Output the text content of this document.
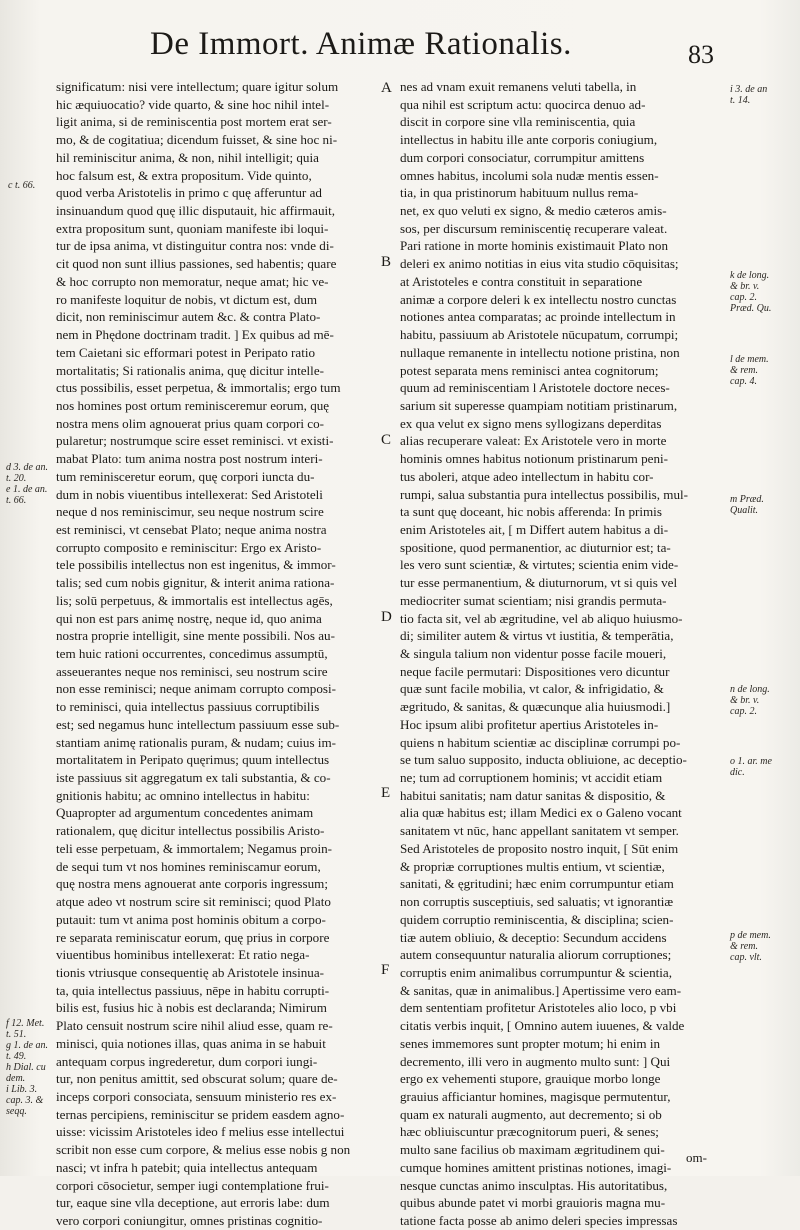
De Immort. Animæ Rationalis.	83
significatum: nisi vere intellectum; quare igitur solum
hic æquiuocatio? vide quarto, & sine hoc nihil intel-
ligit anima, si de reminiscentia post mortem erat ser-
mo, & de cogitatiua; dicendum fuisset, & sine hoc ni-
hil reminiscitur anima, & non, nihil intelligit; quia
hoc falsum est, & extra propositum. Vide quinto,
quod verba Aristotelis in primo c quę afferuntur ad
insinuandum quod quę illic disputauit, hic affirmauit,
extra propositum sunt, quoniam manifeste ibi loqui-
tur de ipsa anima, vt distinguitur contra nos: vnde di-
cit quod non sunt illius passiones, sed habentis; quare
& hoc corrupto non memoratur, neque amat; hic ve-
ro manifeste loquitur de nobis, vt dictum est, dum
dicit, non reminiscimur autem &c. & contra Plato-
nem in Phędone doctrinam tradit. ] Ex quibus ad mē-
tem Caietani sic efformari potest in Peripato ratio
mortalitatis; Si rationalis anima, quę dicitur intelle-
ctus possibilis, esset perpetua, & immortalis; ergo tum
nos homines post ortum reminisceremur eorum, quę
nostra mens olim agnouerat prius quam corpori co-
pularetur; nostrumque scire esset reminisci. vt existi-
mabat Plato: tum anima nostra post nostrum interi-
tum reminisceretur eorum, quę corpori iuncta du-
dum in nobis viuentibus intellexerat: Sed Aristoteli
neque d nos reminiscimur, seu neque nostrum scire
est reminisci, vt censebat Plato; neque anima nostra
corrupto composito e reminiscitur: Ergo ex Aristo-
tele possibilis intellectus non est ingenitus, & immor-
talis; sed cum nobis gignitur, & interit anima rationa-
lis; solū perpetuus, & immortalis est intellectus agēs,
qui non est pars animę nostrę, neque id, quo anima
nostra proprie intelligit, sine mente possibili. Nos au-
tem huic rationi occurrentes, concedimus assumptū,
asseuerantes neque nos reminisci, seu nostrum scire
non esse reminisci; neque animam corrupto composi-
to reminisci, quia intellectus passiuus corruptibilis
est; sed negamus hunc intellectum passiuum esse sub-
stantiam animę rationalis puram, & nudam; cuius im-
mortalitatem in Peripato quęrimus; quum intellectus
iste passiuus sit aggregatum ex tali substantia, & co-
gnitionis habitu; ac omnino intellectus in habitu:
Quapropter ad argumentum concedentes animam
rationalem, quę dicitur intellectus possibilis Aristo-
teli esse perpetuam, & immortalem; Negamus proin-
de sequi tum vt nos homines reminiscamur eorum,
quę nostra mens agnouerat ante corporis ingressum;
atque adeo vt nostrum scire sit reminisci; quod Plato
putauit: tum vt anima post hominis obitum a corpo-
re separata reminiscatur eorum, quę prius in corpore
viuentibus hominibus intellexerat: Et ratio nega-
tionis vtriusque consequentię ab Aristotele insinua-
ta, quia intellectus passiuus, nēpe in habitu corrupti-
bilis est, fusius hic à nobis est declaranda; Nimirum
Plato censuit nostrum scire nihil aliud esse, quam re-
minisci, quia notiones illas, quas anima in se habuit
antequam corpus ingrederetur, dum corpori iungi-
tur, non penitus amittit, sed obscurat solum; quare de-
inceps corpori consociata, sensuum ministerio res ex-
ternas percipiens, reminiscitur se pridem easdem agno-
uisse: vicissim Aristoteles ideo f melius esse intellectui
scribit non esse cum corpore, & melius esse nobis g non
nasci; vt infra h patebit; quia intellectus antequam
corpori cōsocietur, semper iugi contemplatione frui-
tur, eaque sine vlla deceptione, aut erroris labe: dum
vero corpori coniungitur, omnes pristinas cognitio-
nes ad vnam exuit remanens veluti tabella, in
qua nihil est scriptum actu: quocirca denuo ad-
discit in corpore sine vlla reminiscentia, quia
intellectus in habitu ille ante corporis coniugium,
dum corpori consociatur, corrumpitur amittens
omnes habitus, incolumi sola nudæ mentis essen-
tia, in qua pristinorum habituum nullus rema-
net, ex quo veluti ex signo, & medio cæteros amis-
sos, per discursum reminiscentię recuperare valeat.
Pari ratione in morte hominis existimauit Plato non
deleri ex animo notitias in eius vita studio cōquisitas;
at Aristoteles e contra constituit in separatione
animæ a corpore deleri k ex intellectu nostro cunctas
notiones antea comparatas; ac proinde intellectum in
habitu, passiuum ab Aristotele nūcupatum, corrumpi;
nullaque remanente in intellectu notione pristina, non
potest separata mens reminisci antea cognitorum;
quum ad reminiscentiam l Aristotele doctore neces-
sarium sit superesse quampiam notitiam pristinarum,
ex qua velut ex signo mens syllogizans deperditas
alias recuperare valeat: Ex Aristotele vero in morte
hominis omnes habitus notionum pristinarum peni-
tus aboleri, atque adeo intellectum in habitu cor-
rumpi, salua substantia pura intellectus possibilis, mul-
ta sunt quę doceant, hic nobis afferenda: In primis
enim Aristoteles ait, [ m Differt autem habitus a di-
spositione, quod permanentior, ac diuturnior est; ta-
les vero sunt scientiæ, & virtutes; scientia enim vide-
tur esse permanentium, & diuturnorum, vt si quis vel
mediocriter sumat scientiam; nisi grandis permuta-
tio facta sit, vel ab ægritudine, vel ab aliquo huiusmo-
di; similiter autem & virtus vt iustitia, & temperātia,
& singula talium non videntur posse facile moueri,
neque facile permutari: Dispositiones vero dicuntur
quæ sunt facile mobilia, vt calor, & infrigidatio, &
ægritudo, & sanitas, & quæcunque alia huiusmodi.]
Hoc ipsum alibi profitetur apertius Aristoteles in-
quiens n habitum scientiæ ac disciplinæ corrumpi po-
se tum saluo supposito, inducta obliuione, ac deceptio-
ne; tum ad corruptionem hominis; vt accidit etiam
habitui sanitatis; nam datur sanitas & dispositio, &
alia quæ habitus est; illam Medici ex o Galeno vocant
sanitatem vt nūc, hanc appellant sanitatem vt semper.
Sed Aristoteles de proposito nostro inquit, [ Sūt enim
& propriæ corruptiones multis entium, vt scientiæ,
sanitati, & ęgritudini; hæc enim corrumpuntur etiam
non corruptis susceptiuis, sed saluatis; vt ignorantiæ
quidem corruptio reminiscentia, & disciplina; scien-
tiæ autem obliuio, & deceptio: Secundum accidens
autem consequuntur naturalia aliorum corruptiones;
corruptis enim animalibus corrumpuntur & scientia,
& sanitas, quæ in animalibus.] Apertissime vero eam-
dem sententiam profitetur Aristoteles alio loco, p vbi
citatis verbis inquit, [ Omnino autem iuuenes, & valde
senes immemores sunt propter motum; hi enim in
decremento, illi vero in augmento multo sunt: ] Qui
ergo ex vehementi stupore, grauique morbo longe
grauius afficiantur homines, magisque permutentur,
quam ex naturali augmento, aut decremento; si ob
hæc obliuiscuntur præcognitorum pueri, & senes;
multo sane facilius ob maximam ægritudinem qui-
cumque homines amittent pristinas notiones, imagi-
nesque cunctas animo insculptas. His autoritatibus,
quibus abunde patet vi morbi grauioris magna mu-
tatione facta posse ab animo deleri species impressas
A
B
C
D
E
F
c t. 66.
d 3. de an.
t. 20.
e 1. de an.
t. 66.
f 12. Met.
t. 51.
g 1. de an.
t. 49.
h Dial. cu
dem.
i Lib. 3.
cap. 3. &
seqq.
i 3. de an
t. 14.
k de long.
& br. v.
cap. 2.
Præd. Qu.
l de mem.
& rem.
cap. 4.
m Præd.
Qualit.
n de long.
& br. v.
cap. 2.
o 1. ar. me
dic.
p de mem.
& rem.
cap. vlt.
om-
